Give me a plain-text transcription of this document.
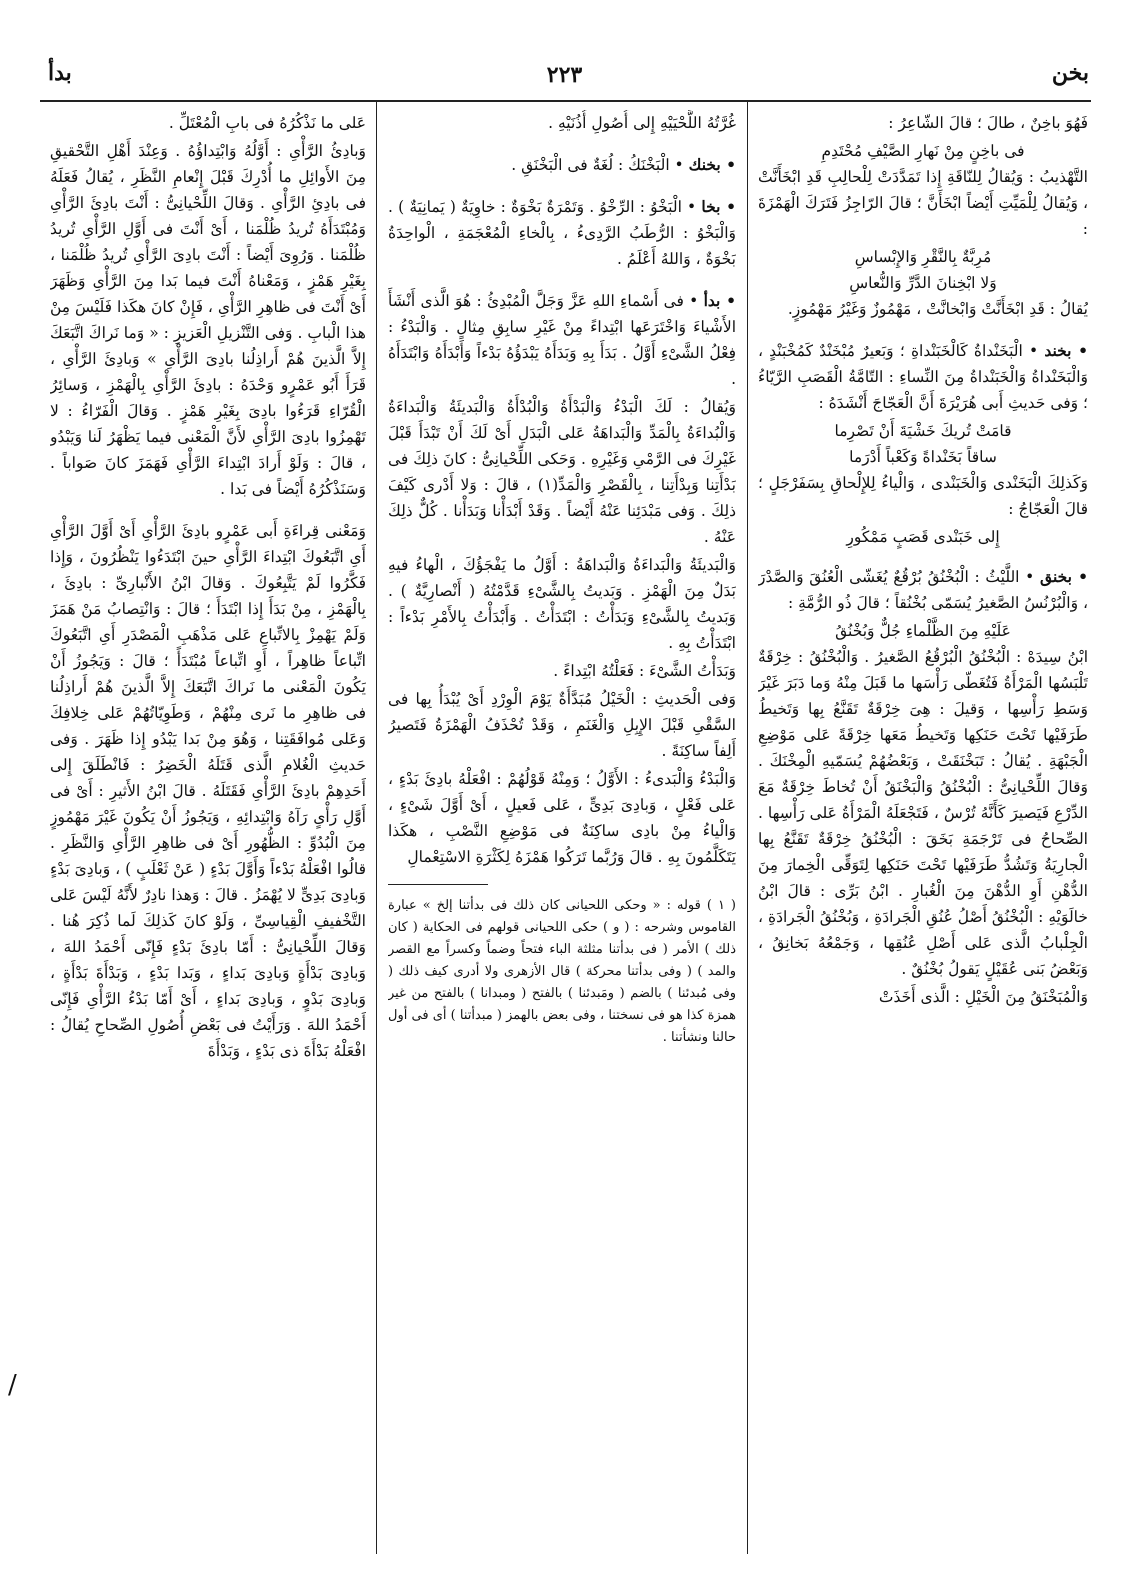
بخن
٢٢٣
بدأ

فَهُوَ باخِنٌ ، طالَ ؛ قالَ الشّاعِرُ :

فى باخِنٍ مِنْ نَهارِ الصَّيْفِ مُحْتَدِمِ

التَّهْذيبُ : وَيُقالُ لِلنّاقَةِ إِذا تَمَدَّدَتْ لِلْحالِبِ قَدِ ابْخَأَنَّتْ ، وَيُقالُ لِلْمَيِّتِ أَيْضاً ابْخَأَنَّ ؛ قالَ الرّاجِزُ فَتَرَكَ الْهَمْزَةَ :

مُرِبَّةٌ بِالنَّقْرِ وَالإِبْساسِ

وَلا ابْخِنانَ الدَّرِّ وَالنُّعاسِ

يُقالُ : قَدِ ابْخَأَنَّتْ وَابْخانَّتْ ، مَهْمُوزٌ وَغَيْرُ مَهْمُوزٍ.

• بخند • الْبَخَنْداةُ كَالْخَبَنْداةِ ؛ وَبَعيرٌ مُبْخَنْدٌ كَمُخْبَنْدٍ ، وَالْبَخَنْداةُ وَالْخَبَنْداةُ مِنَ النِّساءِ : التّامَّةُ الْقَصَبِ الرَّيّاءُ ؛ وَفى حَديثِ أَبى هُرَيْرَةَ أَنَّ الْعَجّاجَ أَنْشَدَهُ :

قامَتْ تُريكَ خَشْيَةَ أَنْ تَصْرِما

ساقاً بَخَنْداةً وَكَعْباً أَدْرَما

وَكَذلِكَ الْبَخَنْدى وَالْخَبَنْدى ، وَالْياءُ لِلإِلْحاقِ بِسَفَرْجَلٍ ؛ قالَ الْعَجّاجُ :

إِلى خَبَنْدى قَصَبٍ مَمْكُورِ

• بخنق • اللَّيْثُ : الْبُخْنُقُ بُرْقُعٌ يُغَشّى الْعُنُقَ وَالصَّدْرَ ، وَالْبُرْنُسُ الصَّغيرُ يُسَمّى بُخْنُقاً ؛ قالَ ذُو الرُّمَّةِ :

عَلَيْهِ مِنَ الظَّلْماءِ جُلٌّ وَبُخْنُقُ

ابْنُ سِيدَهْ : الْبُخْنُقُ الْبُرْقُعُ الصَّغيرُ . وَالْبُخْنُقُ : خِرْقَةٌ تَلْبَسُها الْمَرْأَةُ فَتُغَطّى رَأْسَها ما قَبَلَ مِنْهُ وَما دَبَرَ غَيْرَ وَسَطِ رَأْسِها ، وَقيلَ : هِىَ خِرْقَةٌ تَقَنَّعُ بِها وَتَخيطُ طَرَفَيْها تَحْتَ حَنَكِها وَتَخيطُ مَعَها خِرْقَةً عَلى مَوْضِعِ الْجَبْهَةِ . يُقالُ : تَبَخْنَقَتْ ، وَبَعْضُهُمْ يُسَمّيهِ الْمِخْنَكَ . وَقالَ اللِّحْيانِىُّ : الْبُخْنُقُ وَالْبَخْنَقُ أَنْ تُخاطَ خِرْقَةٌ مَعَ الدِّرْعِ فَيَصيرَ كَأَنَّهُ تُرْسٌ ، فَتَجْعَلَهُ الْمَرْأَةُ عَلى رَأْسِها . الصِّحاحُ فى تَرْجَمَةِ بَخَقَ : الْبُخْنُقُ خِرْقَةٌ تَقَنَّعُ بِها الْجارِيَةُ وَتَشُدُّ طَرَفَيْها تَحْتَ حَنَكِها لِتَوَقِّى الْخِمارَ مِنَ الدُّهْنِ أَوِ الدُّهْنَ مِنَ الْغُبارِ . ابْنُ بَرِّى : قالَ ابْنُ خالَوَيْهِ : الْبُخْنُقُ أَصْلُ عُنُقِ الْجَرادَةِ ، وَبُخْنُقُ الْجَرادَةِ ، الْجِلْبابُ الَّذى عَلى أَصْلِ عُنُقِها ، وَجَمْعُهُ بَخانِقُ ، وَبَعْضُ بَنى عُقَيْلٍ يَقولُ بُخْنُقٌ .

وَالْمُبَخْنَقُ مِنَ الْخَيْلِ : الَّذى أَخَذَتْ

غُرَّتُهُ اللَّحْيَيْهِ إِلى أُصُولِ أُذُنَيْهِ .

• بخنك • الْبَخْنَكُ : لُغَةٌ فى الْبَخْنَقِ .

• بخا • الْبَخْوُ : الرِّخْوُ . وَتَمْرَةٌ بَخْوَةٌ : خاوِيَةٌ ( يَمانِيَةٌ ) . وَالْبَخْوُ : الرُّطَبُ الرَّدِىءُ ، بِالْخاءِ الْمُعْجَمَةِ ، الْواحِدَةُ بَخْوَةٌ ، وَاللهُ أَعْلَمُ .

• بدأ • فى أَسْماءِ اللهِ عَزَّ وَجَلَّ الْمُبْدِئُ : هُوَ الَّذى أَنْشَأَ الأَشْياءَ وَاخْتَرَعَها ابْتِداءً مِنْ غَيْرِ سابِقِ مِثالٍ . وَالْبَدْءُ : فِعْلُ الشَّىْءِ أَوَّلُ . بَدَأَ بِهِ وَبَدَأَهُ يَبْدَؤُهُ بَدْءاً وَأَبْدَأَهُ وَابْتَدَأَهُ .

وَيُقالُ : لَكَ الْبَدْءُ وَالْبَدْأَةُ وَالْبُدْأَةُ وَالْبَديئَةُ وَالْبَداءَةُ وَالْبُداءَةُ بِالْمَدِّ وَالْبَداهَةُ عَلى الْبَدَلِ أَىْ لَكَ أَنْ تَبْدَأَ قَبْلَ غَيْرِكَ فى الرَّمْىِ وَغَيْرِهِ . وَحَكى اللِّحْيانِىُّ : كانَ ذلِكَ فى بَدْأَتِنا وَبِدْأَتِنا ، بِالْقَصْرِ وَالْمَدِّ(١) ، قالَ : وَلا أَدْرى كَيْفَ ذلِكَ . وَفى مَبْدَئِنا عَنْهُ أَيْضاً . وَقَدْ أَبْدَأْنا وَبَدَأْنا . كُلٌّ ذلِكَ عَنْهُ .

وَالْبَديئَةُ وَالْبَداءَةُ وَالْبَداهَةُ : أَوَّلُ ما يَفْجَؤُكَ ، الْهاءُ فيهِ بَدَلٌ مِنَ الْهَمْزِ . وَبَديتُ بِالشَّىْءِ قَدَّمْتُهُ ( أَنْصارِيَّةٌ ) . وَبَديتُ بِالشَّىْءِ وَبَدَأْتُ : ابْتَدَأْتُ . وَأَبْدَأْتُ بِالأَمْرِ بَدْءاً : ابْتَدَأْتُ بِهِ .

وَبَدَأْتُ الشَّىْءَ : فَعَلْتُهُ ابْتِداءً .

وَفى الْحَديثِ : الْخَيْلُ مُبَدَّأَةٌ يَوْمَ الْوِرْدِ أَىْ يُبْدَأُ بِها فى السَّقْىِ قَبْلَ الإِبِلِ وَالْغَنَمِ ، وَقَدْ تُحْذَفُ الْهَمْزَةُ فَتَصيرُ أَلِفاً ساكِنَةً .

وَالْبَدْءُ وَالْبَدىءُ : الأَوَّلُ ؛ وَمِنْهُ قَوْلُهُمْ : افْعَلْهُ بادِئَ بَدْءٍ ، عَلى فَعْلٍ ، وَبادِىَ بَدِىٍّ ، عَلى فَعيلٍ ، أَىْ أَوَّلَ شَىْءٍ ، وَالْياءُ مِنْ بادِى ساكِنَةٌ فى مَوْضِعِ النَّصْبِ ، هكَذا يَتَكَلَّمُونَ بِهِ . قالَ وَرُبَّما تَرَكُوا هَمْزَهُ لِكَثْرَةِ الاسْتِعْمالِ

( ١ ) قوله : « وحكى اللحيانى كان ذلك فى بدأتنا إلخ » عبارة القاموس وشرحه : ( و ) حكى اللحيانى قولهم فى الحكاية ( كان ذلك ) الأمر ( فى بدأتنا مثلثة الباء فتحاً وضماً وكسراً مع القصر والمد ) ( وفى بدأتنا محركة ) قال الأزهرى ولا أدرى كيف ذلك ( وفى مُبدئنا ) بالضم ( ومَبدئنا ) بالفتح ( ومبدانا ) بالفتح من غير همزة كذا هو فى نسختنا ، وفى بعض بالهمز ( مبدأتنا ) أى فى أول حالنا ونشأتنا .

عَلى ما نَذْكُرُهُ فى بابِ الْمُعْتَلِّ .

وَبادِئُ الرَّأْىِ : أَوَّلُهُ وَابْتِداؤُهُ . وَعِنْدَ أَهْلِ التَّحْقيقِ مِنَ الأَوائِلِ ما أُدْرِكَ قَبْلَ إِنْعامِ النَّظَرِ ، يُقالُ فَعَلَهُ فى بادِئِ الرَّأْىِ . وَقالَ اللِّحْيانِىُّ : أَنْتَ بادِئَ الرَّأْىِ وَمُبْتَدَأَهُ تُريدُ ظُلْمَنا ، أَىْ أَنْتَ فى أَوَّلِ الرَّأْىِ تُريدُ ظُلْمَنا . وَرُوِىَ أَيْضاً : أَنْتَ بادِىَ الرَّأْىِ تُريدُ ظُلْمَنا ، بِغَيْرِ هَمْزٍ ، وَمَعْناهُ أَنْتَ فيما بَدا مِنَ الرَّأْىِ وَظَهَرَ أَىْ أَنْتَ فى ظاهِرِ الرَّأْىِ ، فَإِنْ كانَ هكَذا فَلَيْسَ مِنْ هذا الْبابِ . وَفى التَّنْزيلِ الْعَزيزِ : « وَما نَراكَ اتَّبَعَكَ إِلاَّ الَّذينَ هُمْ أَراذِلُنا بادِىَ الرَّأْىِ » وَبادِئَ الرَّأْىِ ، قَرَأَ أَبُو عَمْرٍو وَحْدَهُ : بادِئَ الرَّأْىِ بِالْهَمْزِ ، وَسائِرُ الْقُرّاءِ قَرَءُوا بادِىَ بِغَيْرِ هَمْزٍ . وَقالَ الْفَرّاءُ : لا تَهْمِزُوا بادِىَ الرَّأْىِ لأَنَّ الْمَعْنى فيما يَظْهَرُ لَنا وَيَبْدُو ، قالَ : وَلَوْ أَرادَ ابْتِداءَ الرَّأْىِ فَهَمَزَ كانَ صَواباً . وَسَنَذْكُرُهُ أَيْضاً فى بَدا .

وَمَعْنى قِراءَةِ أَبى عَمْرٍو بادِئَ الرَّأْىِ أَىْ أَوَّلَ الرَّأْىِ أَىِ اتَّبَعُوكَ ابْتِداءَ الرَّأْىِ حينَ ابْتَدَءُوا يَنْظُرُونَ ، وَإِذا فَكَّرُوا لَمْ يَتَّبِعُوكَ . وَقالَ ابْنُ الأَنْبارِىِّ : بادِئَ ، بِالْهَمْزِ ، مِنْ بَدَأَ إِذا ابْتَدَأَ ؛ قالَ : وَانْتِصابُ مَنْ هَمَزَ وَلَمْ يَهْمِزْ بِالاتِّباعِ عَلى مَذْهَبِ الْمَصْدَرِ أَىِ اتَّبَعُوكَ اتِّباعاً ظاهِراً ، أَوِ اتِّباعاً مُبْتَدَأً ؛ قالَ : وَيَجُوزُ أَنْ يَكُونَ الْمَعْنى ما نَراكَ اتَّبَعَكَ إِلاَّ الَّذينَ هُمْ أَراذِلُنا فى ظاهِرِ ما نَرى مِنْهُمْ ، وَطَوِيّاتُهُمْ عَلى خِلافِكَ وَعَلى مُوافَقَتِنا ، وَهُوَ مِنْ بَدا يَبْدُو إِذا ظَهَرَ . وَفى حَديثِ الْغُلامِ الَّذى قَتَلَهُ الْخَضِرُ : فَانْطَلَقَ إِلى أَحَدِهِمْ بادِئَ الرَّأْىِ فَقَتَلَهُ . قالَ ابْنُ الأَثيرِ : أَىْ فى أَوَّلِ رَأْىٍ رَآهُ وَابْتِدائِهِ ، وَيَجُوزُ أَنْ يَكُونَ غَيْرَ مَهْمُوزٍ مِنَ الْبُدُوِّ : الظُّهُورِ أَىْ فى ظاهِرِ الرَّأْىِ وَالنَّظَرِ . قالُوا افْعَلْهُ بَدْءاً وَأَوَّلَ بَدْءٍ ( عَنْ ثَعْلَبٍ ) ، وَبادِىَ بَدْءٍ وَبادِىَ بَدِىٍّ لا يُهْمَزُ . قالَ : وَهذا نادِرٌ لأَنَّهُ لَيْسَ عَلى التَّخْفيفِ الْقِياسِىِّ ، وَلَوْ كانَ كَذلِكَ لَما ذُكِرَ هُنا . وَقالَ اللِّحْيانِىُّ : أَمّا بادِئَ بَدْءٍ فَإِنّى أَحْمَدُ اللهَ ، وَبادِىَ بَدْأَةٍ وَبادِىَ بَداءٍ ، وَبَدا بَدْءٍ ، وَبَدْأَةَ بَدْأَةٍ ، وَبادِىَ بَدْوٍ ، وَبادِىَ بَداءٍ ، أَىْ أَمّا بَدْءُ الرَّأْىِ فَإِنّى أَحْمَدُ اللهَ . وَرَأَيْتُ فى بَعْضِ أُصُولِ الصِّحاحِ يُقالُ : افْعَلْهُ بَدْأَةَ ذى بَدْءٍ ، وَبَدْأَةَ

/
